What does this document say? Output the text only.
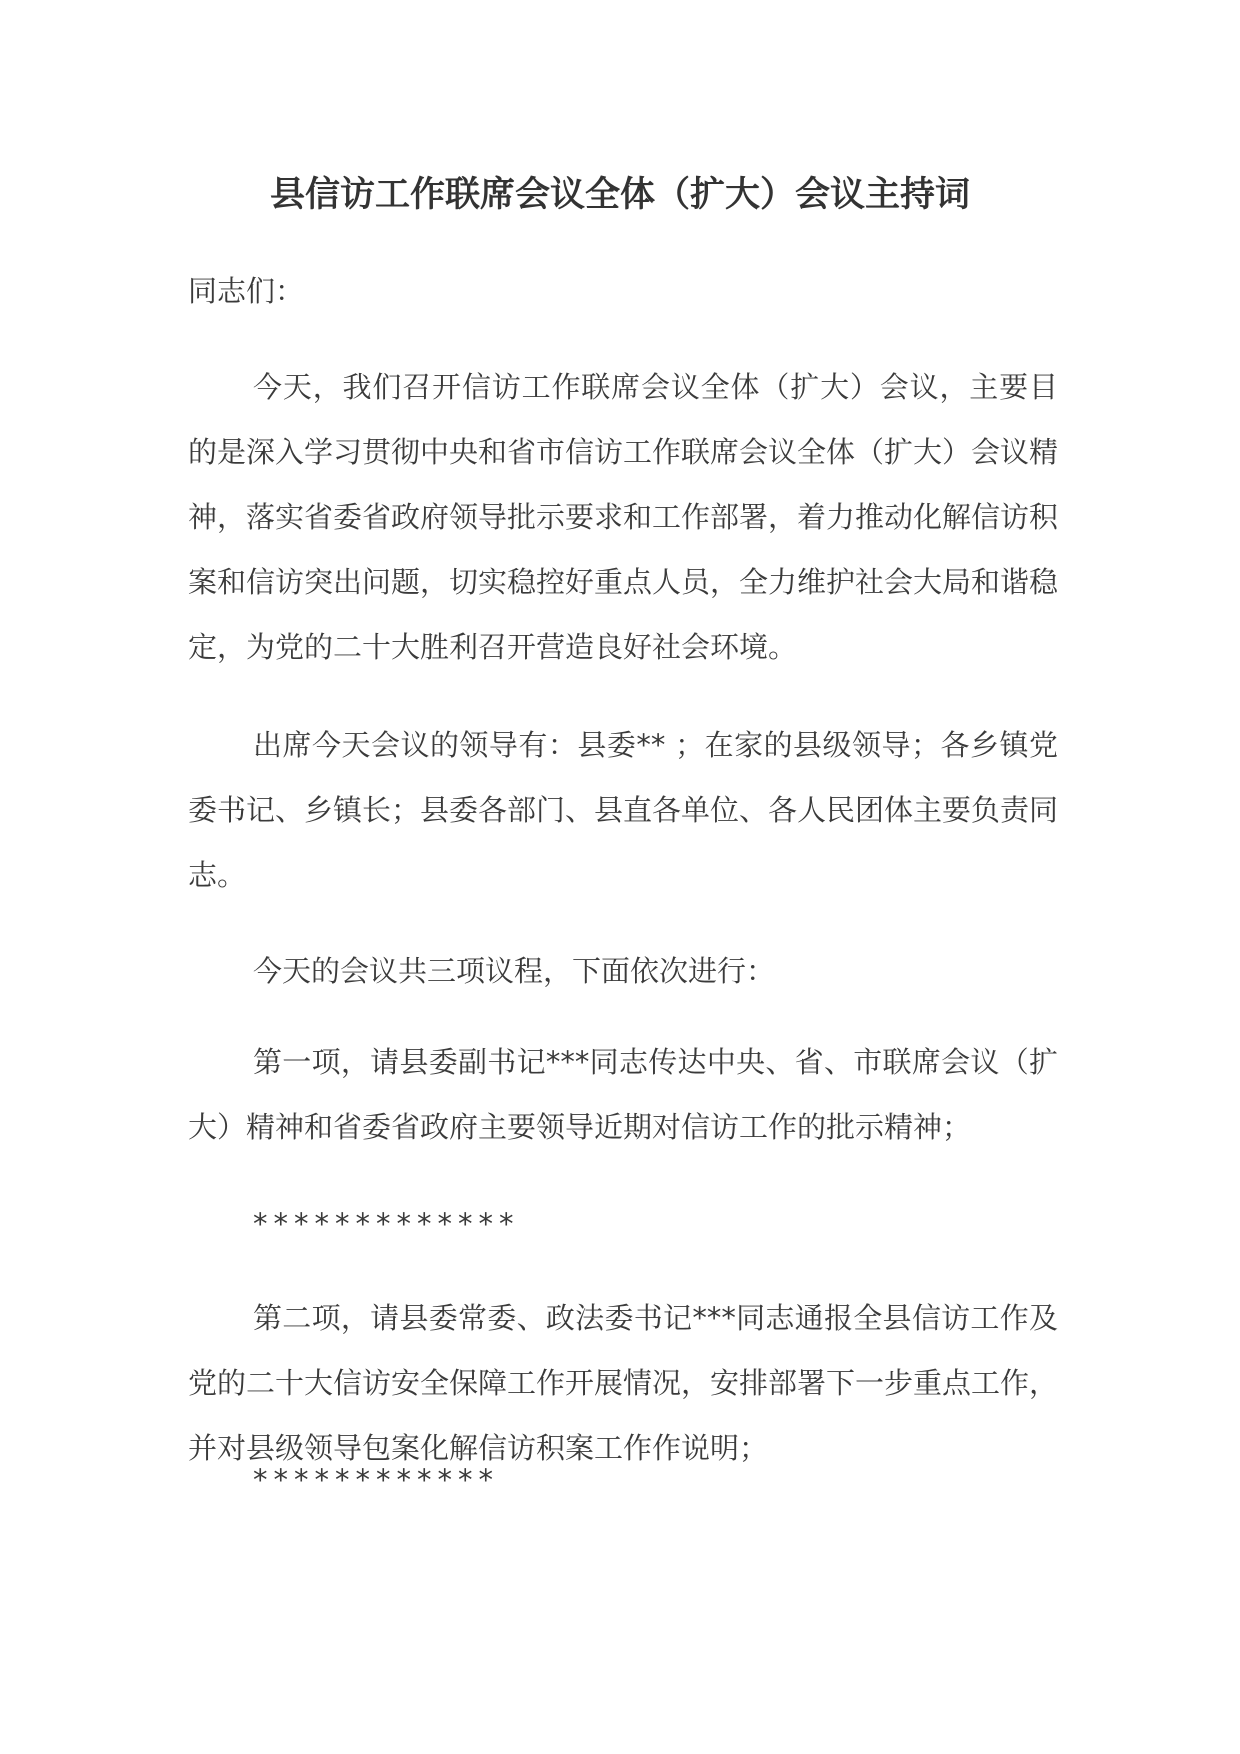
县信访工作联席会议全体（扩大）会议主持词

同志们：

今天，我们召开信访工作联席会议全体（扩大）会议，主要目的是深入学习贯彻中央和省市信访工作联席会议全体（扩大）会议精神，落实省委省政府领导批示要求和工作部署，着力推动化解信访积案和信访突出问题，切实稳控好重点人员，全力维护社会大局和谐稳定，为党的二十大胜利召开营造良好社会环境。

出席今天会议的领导有：县委** ；在家的县级领导；各乡镇党委书记、乡镇长；县委各部门、县直各单位、各人民团体主要负责同志。

今天的会议共三项议程，下面依次进行：

第一项，请县委副书记***同志传达中央、省、市联席会议（扩大）精神和省委省政府主要领导近期对信访工作的批示精神；

*************

第二项，请县委常委、政法委书记***同志通报全县信访工作及党的二十大信访安全保障工作开展情况，安排部署下一步重点工作，并对县级领导包案化解信访积案工作作说明；

************
